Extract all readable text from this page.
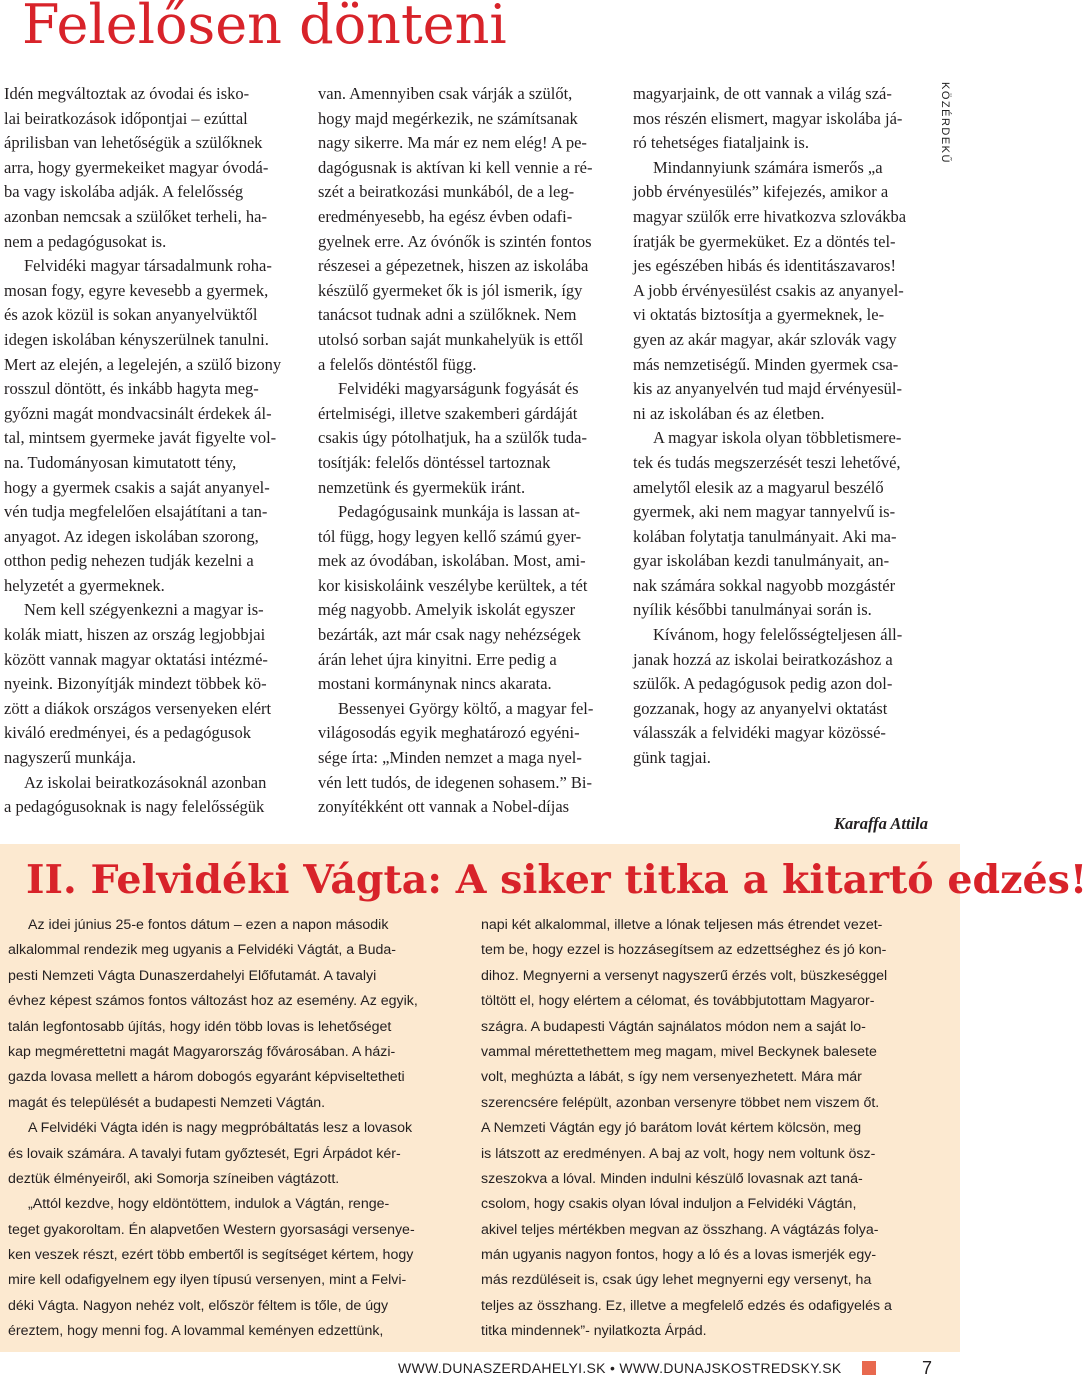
Felelősen dönteni
KÖZÉRDEKŰ
Idén megváltoztak az óvodai és isko-
lai beiratkozások időpontjai – ezúttal
áprilisban van lehetőségük a szülőknek
arra, hogy gyermekeiket magyar óvodá-
ba vagy iskolába adják. A felelősség
azonban nemcsak a szülőket terheli, ha-
nem a pedagógusokat is.
Felvidéki magyar társadalmunk roha-
mosan fogy, egyre kevesebb a gyermek,
és azok közül is sokan anyanyelvüktől
idegen iskolában kényszerülnek tanulni.
Mert az elején, a legelején, a szülő bizony
rosszul döntött, és inkább hagyta meg-
győzni magát mondvacsinált érdekek ál-
tal, mintsem gyermeke javát figyelte vol-
na. Tudományosan kimutatott tény,
hogy a gyermek csakis a saját anyanyel-
vén tudja megfelelően elsajátítani a tan-
anyagot. Az idegen iskolában szorong,
otthon pedig nehezen tudják kezelni a
helyzetét a gyermeknek.
Nem kell szégyenkezni a magyar is-
kolák miatt, hiszen az ország legjobbjai
között vannak magyar oktatási intézmé-
nyeink. Bizonyítják mindezt többek kö-
zött a diákok országos versenyeken elért
kiváló eredményei, és a pedagógusok
nagyszerű munkája.
Az iskolai beiratkozásoknál azonban
a pedagógusoknak is nagy felelősségük
van. Amennyiben csak várják a szülőt,
hogy majd megérkezik, ne számítsanak
nagy sikerre. Ma már ez nem elég! A pe-
dagógusnak is aktívan ki kell vennie a ré-
szét a beiratkozási munkából, de a leg-
eredményesebb, ha egész évben odafi-
gyelnek erre. Az óvónők is szintén fontos
részesei a gépezetnek, hiszen az iskolába
készülő gyermeket ők is jól ismerik, így
tanácsot tudnak adni a szülőknek. Nem
utolsó sorban saját munkahelyük is ettől
a felelős döntéstől függ.
Felvidéki magyarságunk fogyását és
értelmiségi, illetve szakemberi gárdáját
csakis úgy pótolhatjuk, ha a szülők tuda-
tosítják: felelős döntéssel tartoznak
nemzetünk és gyermekük iránt.
Pedagógusaink munkája is lassan at-
tól függ, hogy legyen kellő számú gyer-
mek az óvodában, iskolában. Most, ami-
kor kisiskoláink veszélybe kerültek, a tét
még nagyobb. Amelyik iskolát egyszer
bezárták, azt már csak nagy nehézségek
árán lehet újra kinyitni. Erre pedig a
mostani kormánynak nincs akarata.
Bessenyei György költő, a magyar fel-
világosodás egyik meghatározó egyéni-
sége írta: „Minden nemzet a maga nyel-
vén lett tudós, de idegenen sohasem.” Bi-
zonyítékként ott vannak a Nobel-díjas
magyarjaink, de ott vannak a világ szá-
mos részén elismert, magyar iskolába já-
ró tehetséges fiataljaink is.
Mindannyiunk számára ismerős „a
jobb érvényesülés” kifejezés, amikor a
magyar szülők erre hivatkozva szlovákba
íratják be gyermeküket. Ez a döntés tel-
jes egészében hibás és identitászavaros!
A jobb érvényesülést csakis az anyanyel-
vi oktatás biztosítja a gyermeknek, le-
gyen az akár magyar, akár szlovák vagy
más nemzetiségű. Minden gyermek csa-
kis az anyanyelvén tud majd érvényesül-
ni az iskolában és az életben.
A magyar iskola olyan többletismere-
tek és tudás megszerzését teszi lehetővé,
amelytől elesik az a magyarul beszélő
gyermek, aki nem magyar tannyelvű is-
kolában folytatja tanulmányait. Aki ma-
gyar iskolában kezdi tanulmányait, an-
nak számára sokkal nagyobb mozgástér
nyílik későbbi tanulmányai során is.
Kívánom, hogy felelősségteljesen áll-
janak hozzá az iskolai beiratkozáshoz a
szülők. A pedagógusok pedig azon dol-
gozzanak, hogy az anyanyelvi oktatást
válasszák a felvidéki magyar közössé-
günk tagjai.

Karaffa Attila

II. Felvidéki Vágta: A siker titka a kitartó edzés!
Az idei június 25-e fontos dátum – ezen a napon második
alkalommal rendezik meg ugyanis a Felvidéki Vágtát, a Buda-
pesti Nemzeti Vágta Dunaszerdahelyi Előfutamát. A tavalyi
évhez képest számos fontos változást hoz az esemény. Az egyik,
talán legfontosabb újítás, hogy idén több lovas is lehetőséget
kap megmérettetni magát Magyarország fővárosában. A házi-
gazda lovasa mellett a három dobogós egyaránt képviseltetheti
magát és települését a budapesti Nemzeti Vágtán.
A Felvidéki Vágta idén is nagy megpróbáltatás lesz a lovasok
és lovaik számára. A tavalyi futam győztesét, Egri Árpádot kér-
deztük élményeiről, aki Somorja színeiben vágtázott.
„Attól kezdve, hogy eldöntöttem, indulok a Vágtán, renge-
teget gyakoroltam. Én alapvetően Western gyorsasági versenye-
ken veszek részt, ezért több embertől is segítséget kértem, hogy
mire kell odafigyelnem egy ilyen típusú versenyen, mint a Felvi-
déki Vágta. Nagyon nehéz volt, először féltem is tőle, de úgy
éreztem, hogy menni fog. A lovammal keményen edzettünk,
napi két alkalommal, illetve a lónak teljesen más étrendet vezet-
tem be, hogy ezzel is hozzásegítsem az edzettséghez és jó kon-
dihoz. Megnyerni a versenyt nagyszerű érzés volt, büszkeséggel
töltött el, hogy elértem a célomat, és továbbjutottam Magyaror-
szágra. A budapesti Vágtán sajnálatos módon nem a saját lo-
vammal mérettethettem meg magam, mivel Beckynek balesete
volt, meghúzta a lábát, s így nem versenyezhetett. Mára már
szerencsére felépült, azonban versenyre többet nem viszem őt.
A Nemzeti Vágtán egy jó barátom lovát kértem kölcsön, meg
is látszott az eredményen. A baj az volt, hogy nem voltunk ösz-
szeszokva a lóval. Minden indulni készülő lovasnak azt taná-
csolom, hogy csakis olyan lóval induljon a Felvidéki Vágtán,
akivel teljes mértékben megvan az összhang. A vágtázás folya-
mán ugyanis nagyon fontos, hogy a ló és a lovas ismerjék egy-
más rezdüléseit is, csak úgy lehet megnyerni egy versenyt, ha
teljes az összhang. Ez, illetve a megfelelő edzés és odafigyelés a
titka mindennek”- nyilatkozta Árpád.
WWW.DUNASZERDAHELYI.SK • WWW.DUNAJSKOSTREDSKY.SK	7
